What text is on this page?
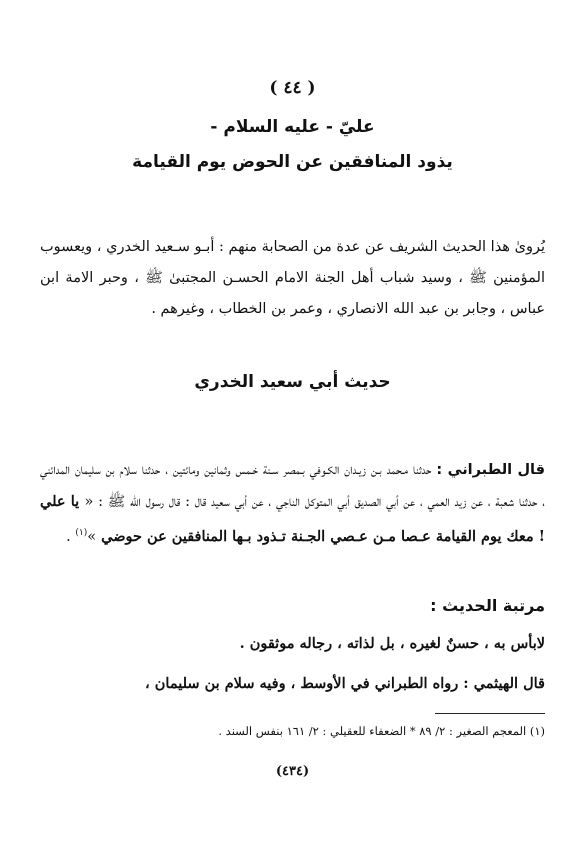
( ٤٤ )
عليّ - عليه السلام -
يذود المنافقين عن الحوض يوم القيامة
يُروىٰ هذا الحديث الشريف عن عدة من الصحابة منهم : أبـو سـعيد الخدري ، ويعسوب المؤمنين ﷺ ، وسيد شباب أهل الجنة الامام الحسـن المجتبىٰ ﷺ ، وحبر الامة ابن عباس ، وجابر بن عبد الله الانصاري ، وعمر بن الخطاب ، وغيرهم .
حديث أبي سعيد الخدري
قال الطبراني : حدثنا مـحمد بـن زيـدان الكـوفي بـمصر سـنة خـمس وثمانين ومائتين ، حدثنا سلام بن سليمان المدائني ، حدثنا شعبة ، عن زيد العمي ، عن أبي الصديق أبي المتوكل الناجي ، عن أبي سعيد قال : قال رسول الله ﷺ : « يا علي ! معك يوم القيامة عـصا مـن عـصي الجـنة تـذود بـها المنافقين عن حوضي »$^{(١)}$ .
مرتبة الحديث :
لابأس به ، حسنٌ لغيره ، بل لذاته ، رجاله موثقون .
قال الهيثمي : رواه الطبراني في الأوسط ، وفيه سلام بن سليمان ،
(١) المعجم الصغير : ٢/ ٨٩ * الضعفاء للعقيلي : ٢/ ١٦١ بنفس السند .
(٤٣٤)
